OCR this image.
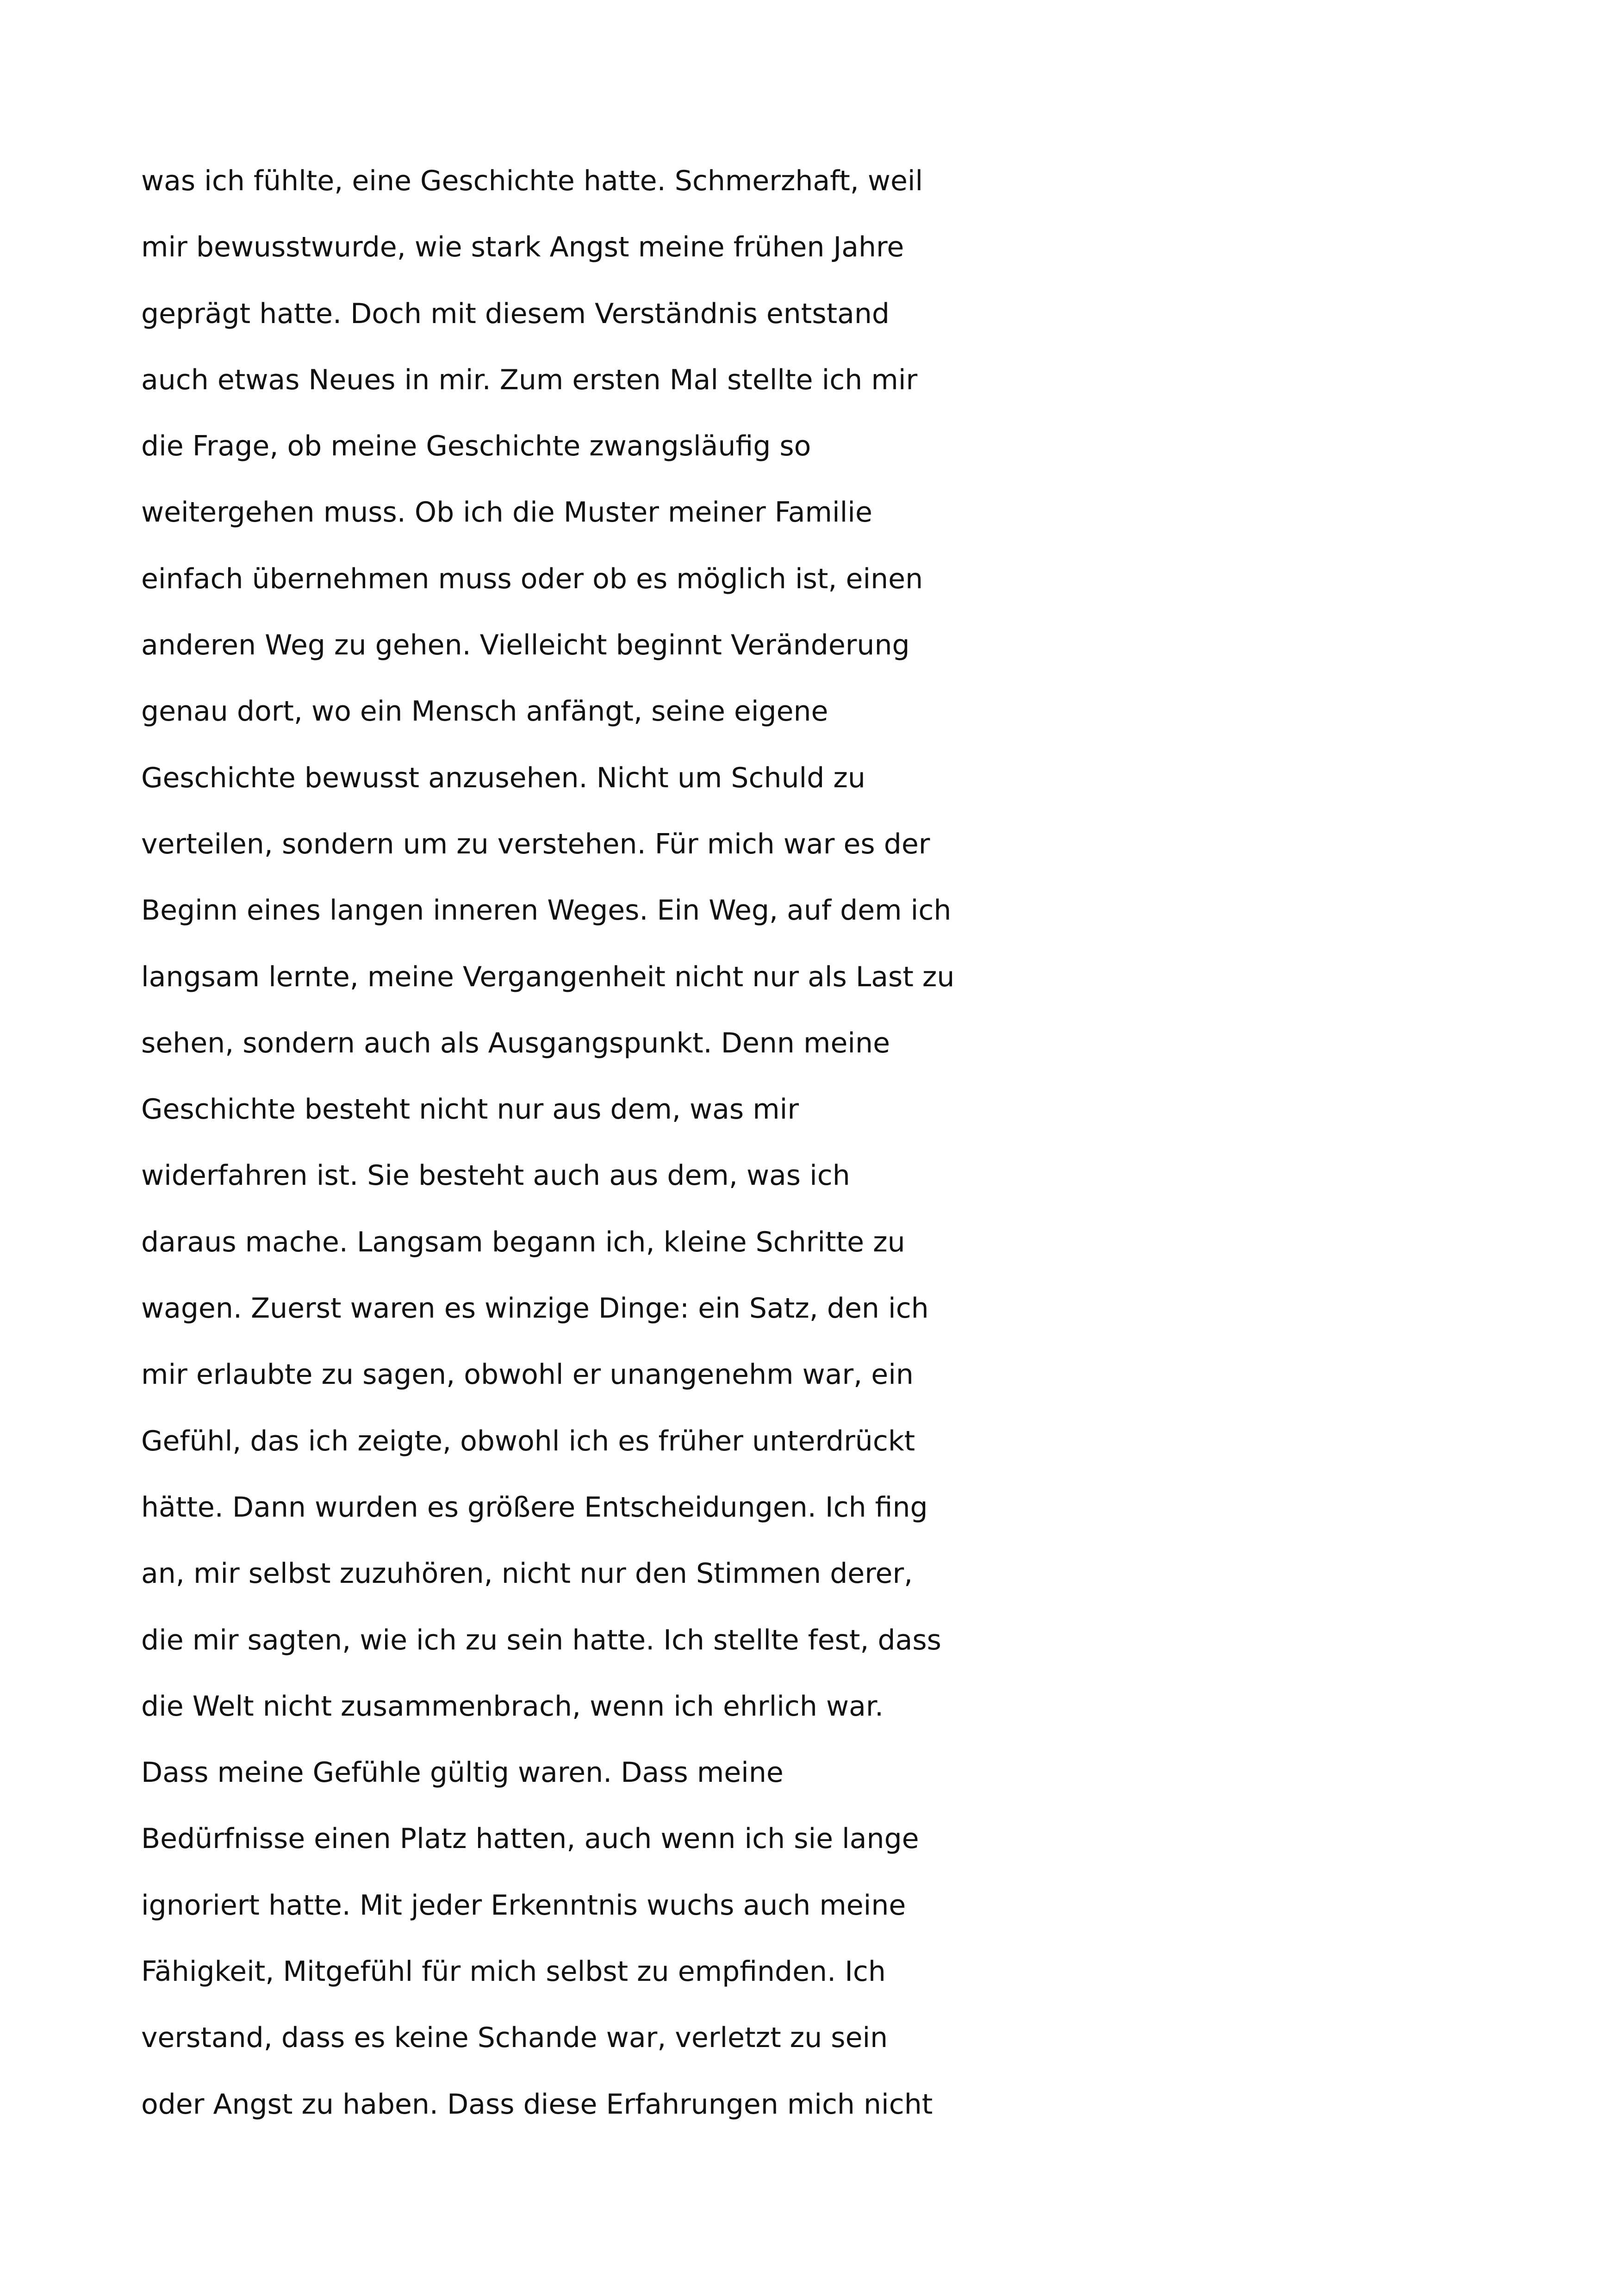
was ich fühlte, eine Geschichte hatte. Schmerzhaft, weil
mir bewusstwurde, wie stark Angst meine frühen Jahre
geprägt hatte. Doch mit diesem Verständnis entstand
auch etwas Neues in mir. Zum ersten Mal stellte ich mir
die Frage, ob meine Geschichte zwangsläufig so
weitergehen muss. Ob ich die Muster meiner Familie
einfach übernehmen muss oder ob es möglich ist, einen
anderen Weg zu gehen. Vielleicht beginnt Veränderung
genau dort, wo ein Mensch anfängt, seine eigene
Geschichte bewusst anzusehen. Nicht um Schuld zu
verteilen, sondern um zu verstehen. Für mich war es der
Beginn eines langen inneren Weges. Ein Weg, auf dem ich
langsam lernte, meine Vergangenheit nicht nur als Last zu
sehen, sondern auch als Ausgangspunkt. Denn meine
Geschichte besteht nicht nur aus dem, was mir
widerfahren ist. Sie besteht auch aus dem, was ich
daraus mache. Langsam begann ich, kleine Schritte zu
wagen. Zuerst waren es winzige Dinge: ein Satz, den ich
mir erlaubte zu sagen, obwohl er unangenehm war, ein
Gefühl, das ich zeigte, obwohl ich es früher unterdrückt
hätte. Dann wurden es größere Entscheidungen. Ich fing
an, mir selbst zuzuhören, nicht nur den Stimmen derer,
die mir sagten, wie ich zu sein hatte. Ich stellte fest, dass
die Welt nicht zusammenbrach, wenn ich ehrlich war.
Dass meine Gefühle gültig waren. Dass meine
Bedürfnisse einen Platz hatten, auch wenn ich sie lange
ignoriert hatte. Mit jeder Erkenntnis wuchs auch meine
Fähigkeit, Mitgefühl für mich selbst zu empfinden. Ich
verstand, dass es keine Schande war, verletzt zu sein
oder Angst zu haben. Dass diese Erfahrungen mich nicht
